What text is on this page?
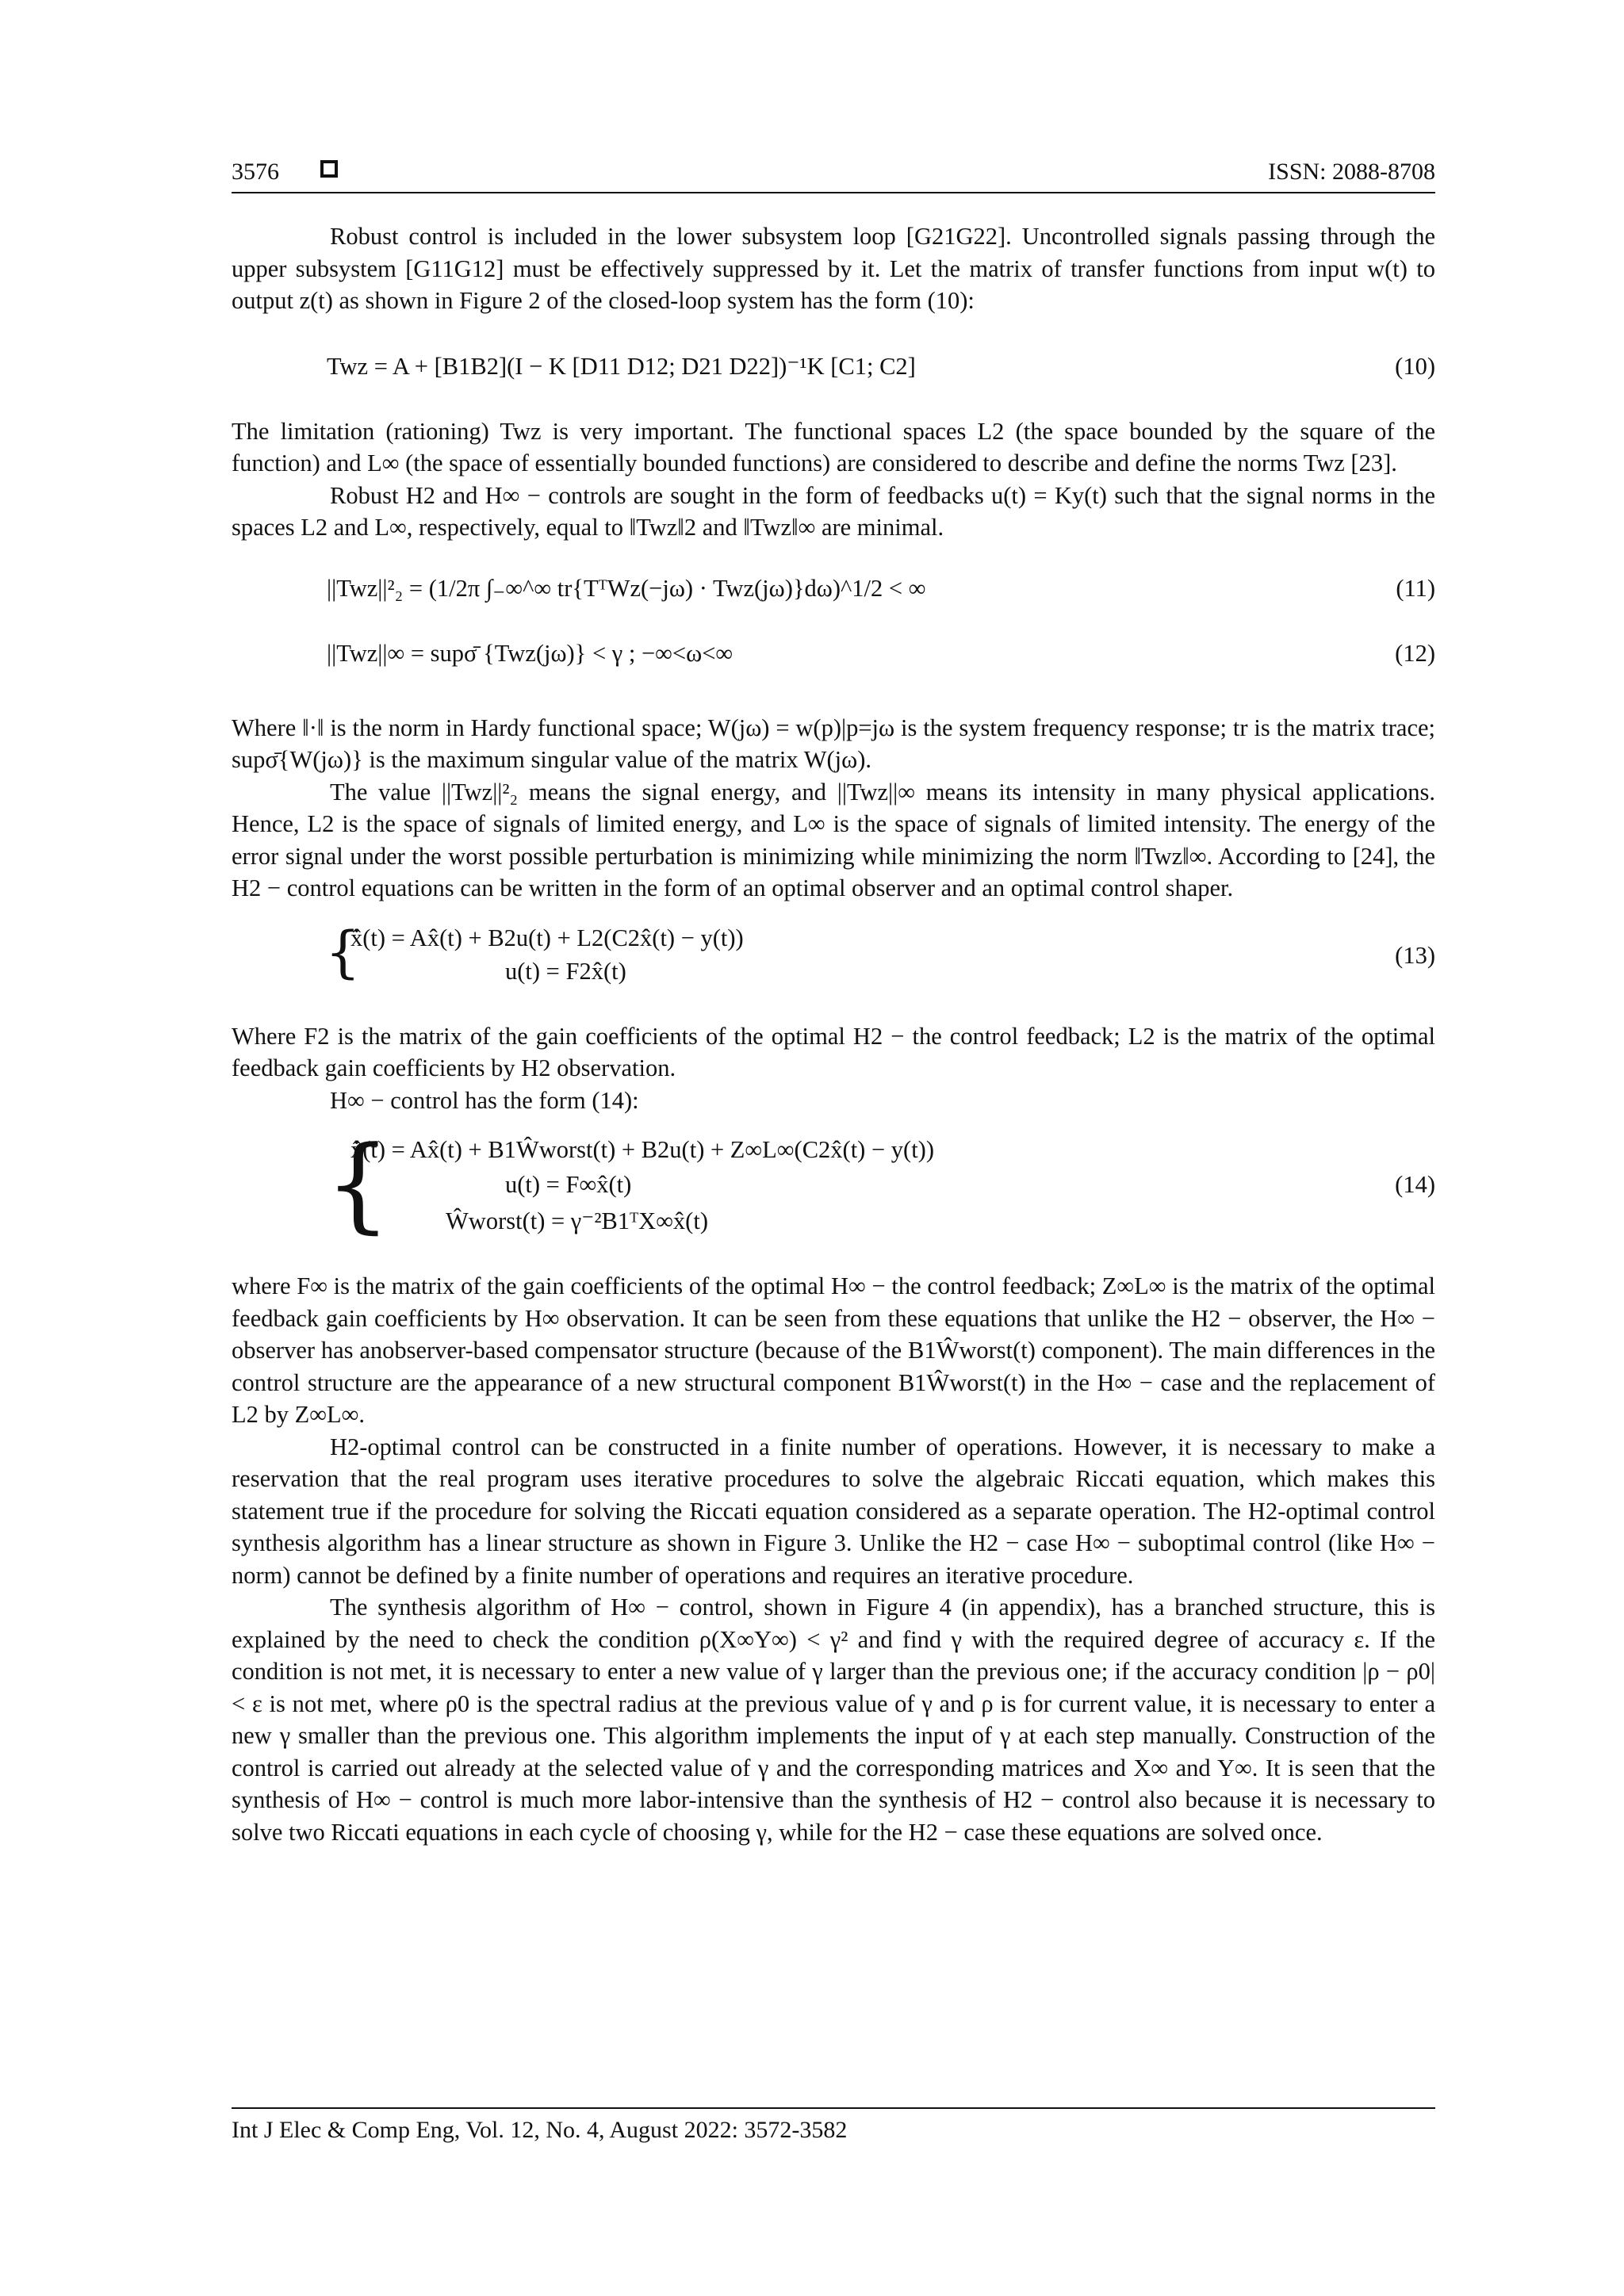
3576	ISSN: 2088-8708

Robust control is included in the lower subsystem loop [G21G22]. Uncontrolled signals passing through the upper subsystem [G11G12] must be effectively suppressed by it. Let the matrix of transfer functions from input w(t) to output z(t) as shown in Figure 2 of the closed-loop system has the form (10):

Twz = A + [B1B2](I − K [D11 D12; D21 D22])⁻¹K [C1; C2]	(10)

The limitation (rationing) Twz is very important. The functional spaces L2 (the space bounded by the square of the function) and L∞ (the space of essentially bounded functions) are considered to describe and define the norms Twz [23].

Robust H2 and H∞ − controls are sought in the form of feedbacks u(t) = Ky(t) such that the signal norms in the spaces L2 and L∞, respectively, equal to ‖Twz‖2 and ‖Twz‖∞ are minimal.

||Twz||²₂ = (1/2π ∫₋∞^∞ tr{TᵀWz(−jω) · Twz(jω)}dω)^1/2 < ∞	(11)
||Twz||∞ = supσ̄ {Twz(jω)} < γ ; −∞<ω<∞	(12)

Where ‖·‖ is the norm in Hardy functional space; W(jω) = w(p)|p=jω is the system frequency response; tr is the matrix trace; supσ̄{W(jω)} is the maximum singular value of the matrix W(jω).

The value ||Twz||²₂ means the signal energy, and ||Twz||∞ means its intensity in many physical applications. Hence, L2 is the space of signals of limited energy, and L∞ is the space of signals of limited intensity. The energy of the error signal under the worst possible perturbation is minimizing while minimizing the norm ‖Twz‖∞. According to [24], the H2 − control equations can be written in the form of an optimal observer and an optimal control shaper.

{
x̂̇(t) = Ax̂(t) + B2u(t) + L2(C2x̂(t) − y(t))
u(t) = F2x̂(t)
(13)

Where F2 is the matrix of the gain coefficients of the optimal H2 − the control feedback; L2 is the matrix of the optimal feedback gain coefficients by H2 observation.

H∞ − control has the form (14):

{
x̂̇(t) = Ax̂(t) + B1Ŵworst(t) + B2u(t) + Z∞L∞(C2x̂(t) − y(t))
u(t) = F∞x̂(t)
Ŵworst(t) = γ⁻²B1ᵀX∞x̂(t)
(14)

where F∞ is the matrix of the gain coefficients of the optimal H∞ − the control feedback; Z∞L∞ is the matrix of the optimal feedback gain coefficients by H∞ observation. It can be seen from these equations that unlike the H2 − observer, the H∞ − observer has anobserver-based compensator structure (because of the B1Ŵworst(t) component). The main differences in the control structure are the appearance of a new structural component B1Ŵworst(t) in the H∞ − case and the replacement of L2 by Z∞L∞.

H2-optimal control can be constructed in a finite number of operations. However, it is necessary to make a reservation that the real program uses iterative procedures to solve the algebraic Riccati equation, which makes this statement true if the procedure for solving the Riccati equation considered as a separate operation. The H2-optimal control synthesis algorithm has a linear structure as shown in Figure 3. Unlike the H2 − case H∞ − suboptimal control (like H∞ − norm) cannot be defined by a finite number of operations and requires an iterative procedure.

The synthesis algorithm of H∞ − control, shown in Figure 4 (in appendix), has a branched structure, this is explained by the need to check the condition ρ(X∞Y∞) < γ² and find γ with the required degree of accuracy ε. If the condition is not met, it is necessary to enter a new value of γ larger than the previous one; if the accuracy condition |ρ − ρ0| < ε is not met, where ρ0 is the spectral radius at the previous value of γ and ρ is for current value, it is necessary to enter a new γ smaller than the previous one. This algorithm implements the input of γ at each step manually. Construction of the control is carried out already at the selected value of γ and the corresponding matrices and X∞ and Y∞. It is seen that the synthesis of H∞ − control is much more labor-intensive than the synthesis of H2 − control also because it is necessary to solve two Riccati equations in each cycle of choosing γ, while for the H2 − case these equations are solved once.

Int J Elec & Comp Eng, Vol. 12, No. 4, August 2022: 3572-3582
